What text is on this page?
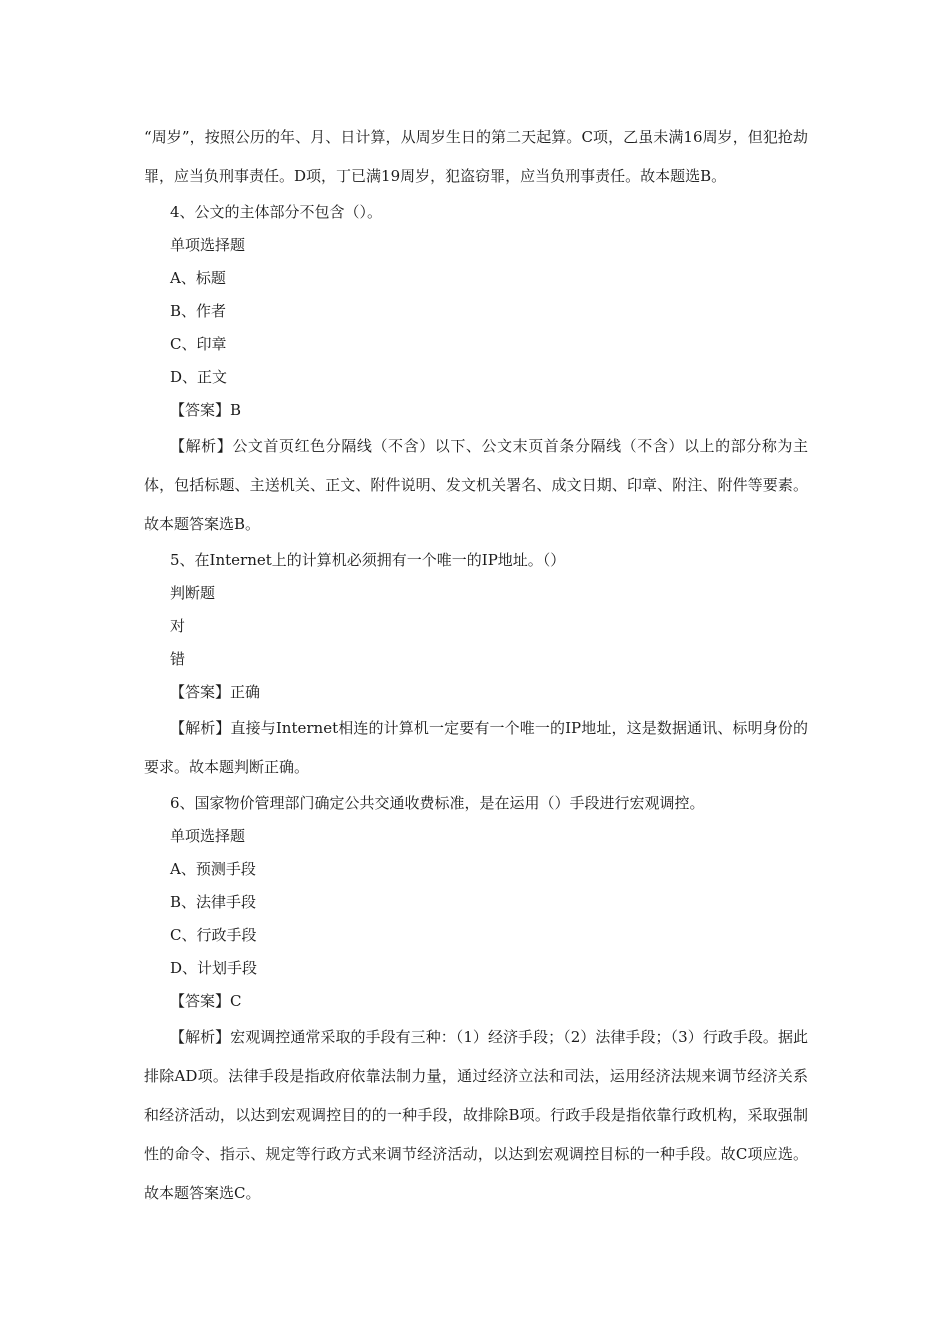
“周岁”，按照公历的年、月、日计算，从周岁生日的第二天起算。C项，乙虽未满16周岁，但犯抢劫罪，应当负刑事责任。D项，丁已满19周岁，犯盗窃罪，应当负刑事责任。故本题选B。

4、公文的主体部分不包含（）。

单项选择题

A、标题

B、作者

C、印章

D、正文

【答案】B

【解析】公文首页红色分隔线（不含）以下、公文末页首条分隔线（不含）以上的部分称为主体，包括标题、主送机关、正文、附件说明、发文机关署名、成文日期、印章、附注、附件等要素。故本题答案选B。

5、在Internet上的计算机必须拥有一个唯一的IP地址。（）

判断题

对

错

【答案】正确

【解析】直接与Internet相连的计算机一定要有一个唯一的IP地址，这是数据通讯、标明身份的要求。故本题判断正确。

6、国家物价管理部门确定公共交通收费标准，是在运用（）手段进行宏观调控。

单项选择题

A、预测手段

B、法律手段

C、行政手段

D、计划手段

【答案】C

【解析】宏观调控通常采取的手段有三种：（1）经济手段；（2）法律手段；（3）行政手段。据此排除AD项。法律手段是指政府依靠法制力量，通过经济立法和司法，运用经济法规来调节经济关系和经济活动，以达到宏观调控目的的一种手段，故排除B项。行政手段是指依靠行政机构，采取强制性的命令、指示、规定等行政方式来调节经济活动，以达到宏观调控目标的一种手段。故C项应选。故本题答案选C。
